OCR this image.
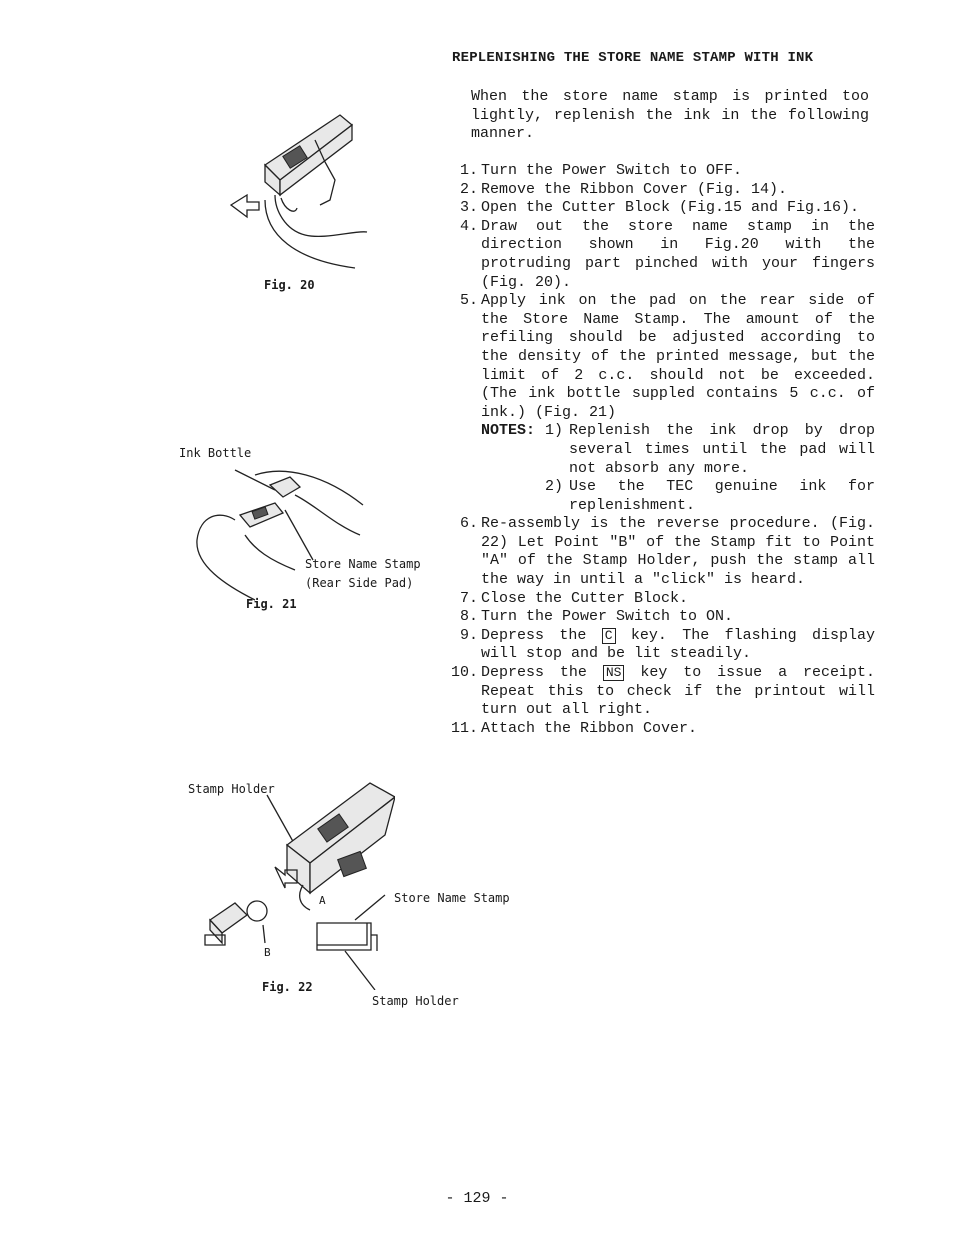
REPLENISHING THE STORE NAME STAMP WITH INK
When the store name stamp is printed too lightly, replenish the ink in the following manner.
1. Turn the Power Switch to OFF.
2. Remove the Ribbon Cover (Fig. 14).
3. Open the Cutter Block (Fig.15 and Fig.16).
4. Draw out the store name stamp in the direction shown in Fig.20 with the protruding part pinched with your fingers (Fig. 20).
5. Apply ink on the pad on the rear side of the Store Name Stamp. The amount of the refiling should be adjusted according to the density of the printed message, but the limit of 2 c.c. should not be exceeded. (The ink bottle suppled contains 5 c.c. of ink.) (Fig. 21)
NOTES: 1) Replenish the ink drop by drop several times until the pad will not absorb any more.
2) Use the TEC genuine ink for replenishment.
6. Re-assembly is the reverse procedure. (Fig. 22) Let Point "B" of the Stamp fit to Point "A" of the Stamp Holder, push the stamp all the way in until a "click" is heard.
7. Close the Cutter Block.
8. Turn the Power Switch to ON.
9. Depress the C key. The flashing display will stop and be lit steadily.
10. Depress the NS key to issue a receipt. Repeat this to check if the printout will turn out all right.
11. Attach the Ribbon Cover.
Fig. 20
Ink Bottle
Store Name Stamp
(Rear Side Pad)
Fig. 21
Stamp Holder
A
B
Store Name Stamp
Fig. 22
Stamp Holder
- 129 -
